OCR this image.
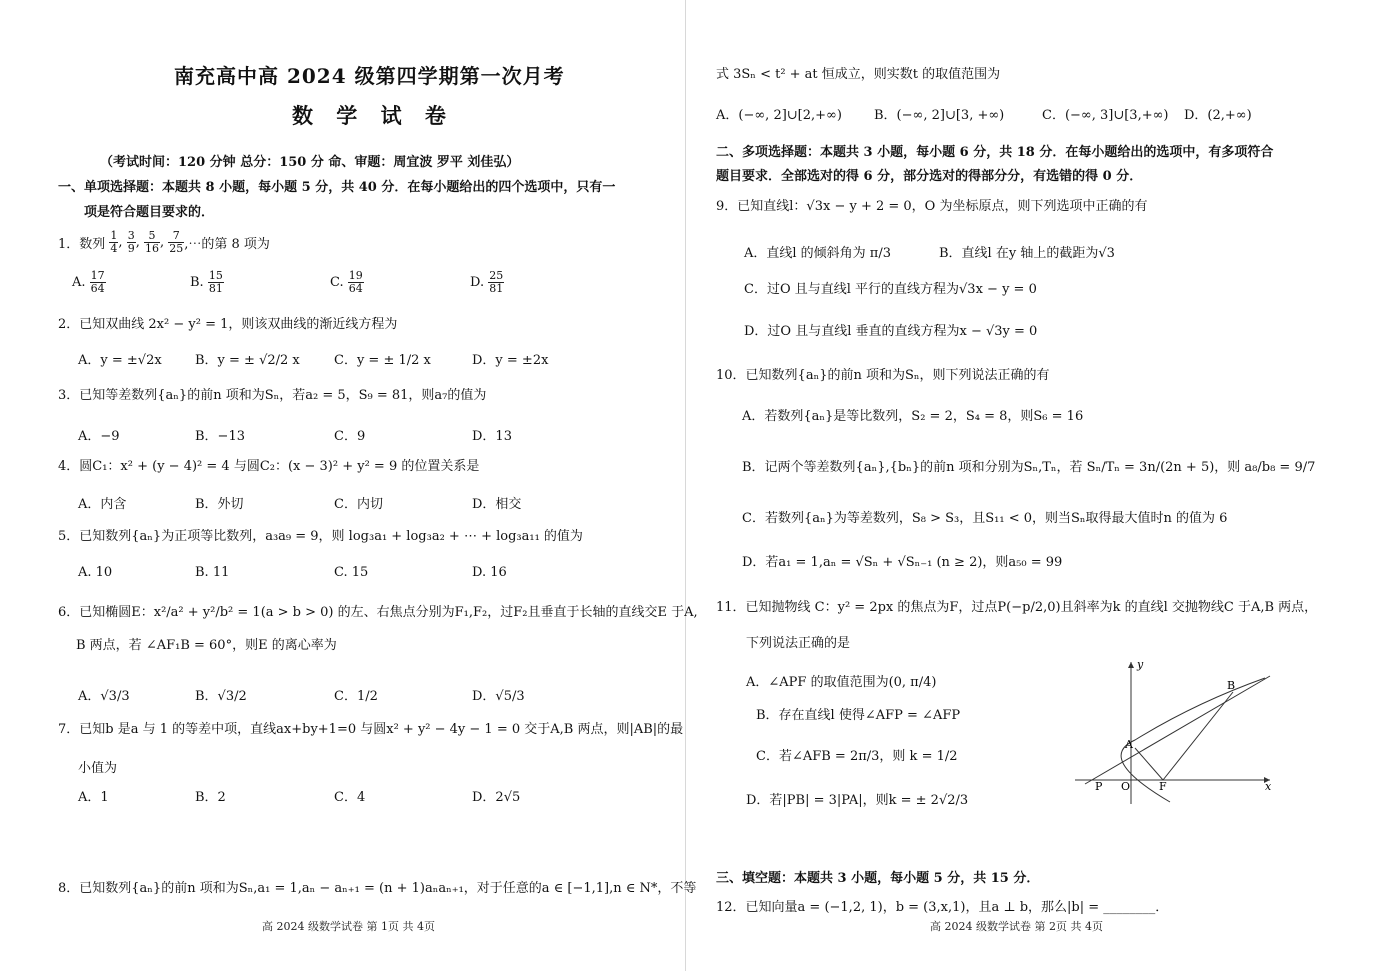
南充高中高 2024 级第四学期第一次月考
数 学 试 卷
（考试时间：120 分钟 总分：150 分 命、审题：周宜波 罗平 刘佳弘）
一、单项选择题：本题共 8 小题，每小题 5 分，共 40 分．在每小题给出的四个选项中，只有一
项是符合题目要求的．
1．数列 $\frac{1}{4}$ , $\frac{3}{9}$ , $\frac{5}{16}$ , $\frac{7}{25}$ ,⋯的第 8 项为
A. $\frac{17}{64}$	B. $\frac{15}{81}$	C. $\frac{19}{64}$	D. $\frac{25}{81}$
2．已知双曲线 2x² − y² = 1，则该双曲线的渐近线方程为
A．y = ±√2x	B．y = ± √2/2 x	C．y = ± 1/2 x	D．y = ±2x
3．已知等差数列{aₙ}的前n 项和为Sₙ，若a₂ = 5，S₉ = 81，则a₇的值为
A．−9	B．−13	C．9	D．13
4．圆C₁：x² + (y − 4)² = 4 与圆C₂：(x − 3)² + y² = 9 的位置关系是
A．内含	B．外切	C．内切	D．相交
5．已知数列{aₙ}为正项等比数列，a₃a₉ = 9，则 log₃a₁ + log₃a₂ + ⋯ + log₃a₁₁ 的值为
A. 10	B. 11	C. 15	D. 16
6．已知椭圆E：x²/a² + y²/b² = 1(a > b > 0) 的左、右焦点分别为F₁,F₂，过F₂且垂直于长轴的直线交E 于A,
B 两点，若 ∠AF₁B = 60°，则E 的离心率为
A．√3/3	B．√3/2	C．1/2	D．√5/3
7．已知b 是a 与 1 的等差中项，直线ax+by+1=0 与圆x² + y² − 4y − 1 = 0 交于A,B 两点，则|AB|的最
小值为
A．1	B．2	C．4	D．2√5
8．已知数列{aₙ}的前n 项和为Sₙ,a₁ = 1,aₙ − aₙ₊₁ = (n + 1)aₙaₙ₊₁，对于任意的a ∈ [−1,1],n ∈ N*，不等
高 2024 级数学试卷 第 1页 共 4页
式 3Sₙ < t² + at 恒成立，则实数t 的取值范围为
A．(−∞, 2]∪[2,+∞) B．(−∞, 2]∪[3, +∞)	C．(−∞, 3]∪[3,+∞) D．(2,+∞)
二、多项选择题：本题共 3 小题，每小题 6 分，共 18 分．在每小题给出的选项中，有多项符合
题目要求．全部选对的得 6 分，部分选对的得部分分，有选错的得 0 分．
9．已知直线l：√3x − y + 2 = 0，O 为坐标原点，则下列选项中正确的有
A．直线l 的倾斜角为 π/3	B．直线l 在y 轴上的截距为√3
C．过O 且与直线l 平行的直线方程为√3x − y = 0
D．过O 且与直线l 垂直的直线方程为x − √3y = 0
10．已知数列{aₙ}的前n 项和为Sₙ，则下列说法正确的有
A．若数列{aₙ}是等比数列，S₂ = 2，S₄ = 8，则S₆ = 16
B．记两个等差数列{aₙ},{bₙ}的前n 项和分别为Sₙ,Tₙ，若 Sₙ/Tₙ = 3n/(2n + 5)，则 a₈/b₈ = 9/7
C．若数列{aₙ}为等差数列，S₈ > S₃，且S₁₁ < 0，则当Sₙ取得最大值时n 的值为 6
D．若a₁ = 1,aₙ = √Sₙ + √Sₙ₋₁ (n ≥ 2)，则a₅₀ = 99
11．已知抛物线 C：y² = 2px 的焦点为F，过点P(−p/2,0)且斜率为k 的直线l 交抛物线C 于A,B 两点，
下列说法正确的是
A．∠APF 的取值范围为(0, π/4)
B．存在直线l 使得∠AFP = ∠AFP
C．若∠AFB = 2π/3，则 k = 1/2
D．若|PB| = 3|PA|，则k = ± 2√2/3
y
x
A
B
O
P	F
三、填空题：本题共 3 小题，每小题 5 分，共 15 分．
12．已知向量a = (−1,2, 1)，b = (3,x,1)，且a ⊥ b，那么|b| = ________．
高 2024 级数学试卷 第 2页 共 4页
